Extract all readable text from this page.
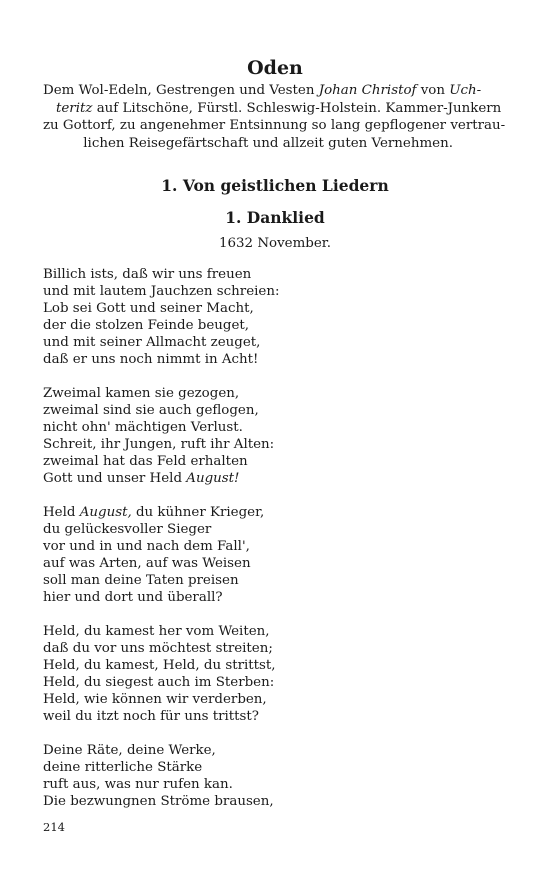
Oden
Dem Wol-Edeln, Gestrengen und Vesten Johan Christof von Uch-
teritz auf Litschöne, Fürstl. Schleswig-Holstein. Kammer-Junkern
zu Gottorf, zu angenehmer Entsinnung so lang gepflogener vertrau-
lichen Reisegefärtschaft und allzeit guten Vernehmen.
1. Von geistlichen Liedern
1. Danklied
1632 November.
Billich ists, daß wir uns freuen
und mit lautem Jauchzen schreien:
Lob sei Gott und seiner Macht,
der die stolzen Feinde beuget,
und mit seiner Allmacht zeuget,
daß er uns noch nimmt in Acht!
Zweimal kamen sie gezogen,
zweimal sind sie auch geflogen,
nicht ohn' mächtigen Verlust.
Schreit, ihr Jungen, ruft ihr Alten:
zweimal hat das Feld erhalten
Gott und unser Held August!
Held August, du kühner Krieger,
du gelückesvoller Sieger
vor und in und nach dem Fall',
auf was Arten, auf was Weisen
soll man deine Taten preisen
hier und dort und überall?
Held, du kamest her vom Weiten,
daß du vor uns möchtest streiten;
Held, du kamest, Held, du strittst,
Held, du siegest auch im Sterben:
Held, wie können wir verderben,
weil du itzt noch für uns trittst?
Deine Räte, deine Werke,
deine ritterliche Stärke
ruft aus, was nur rufen kan.
Die bezwungnen Ströme brausen,
214
